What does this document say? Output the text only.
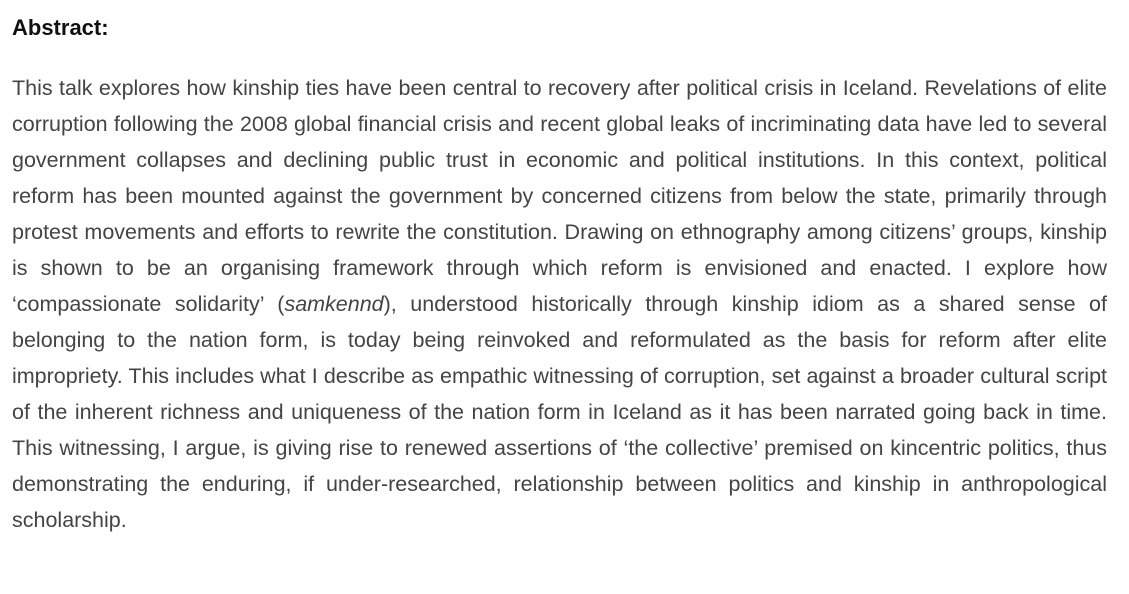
Abstract:

This talk explores how kinship ties have been central to recovery after political crisis in Iceland. Revelations of elite corruption following the 2008 global financial crisis and recent global leaks of incriminating data have led to several government collapses and declining public trust in economic and political institutions. In this context, political reform has been mounted against the government by concerned citizens from below the state, primarily through protest movements and efforts to rewrite the constitution. Drawing on ethnography among citizens’ groups, kinship is shown to be an organising framework through which reform is envisioned and enacted. I explore how ‘compassionate solidarity’ (samkennd), understood historically through kinship idiom as a shared sense of belonging to the nation form, is today being reinvoked and reformulated as the basis for reform after elite impropriety. This includes what I describe as empathic witnessing of corruption, set against a broader cultural script of the inherent richness and uniqueness of the nation form in Iceland as it has been narrated going back in time. This witnessing, I argue, is giving rise to renewed assertions of ‘the collective’ premised on kincentric politics, thus demonstrating the enduring, if under-researched, relationship between politics and kinship in anthropological scholarship.
